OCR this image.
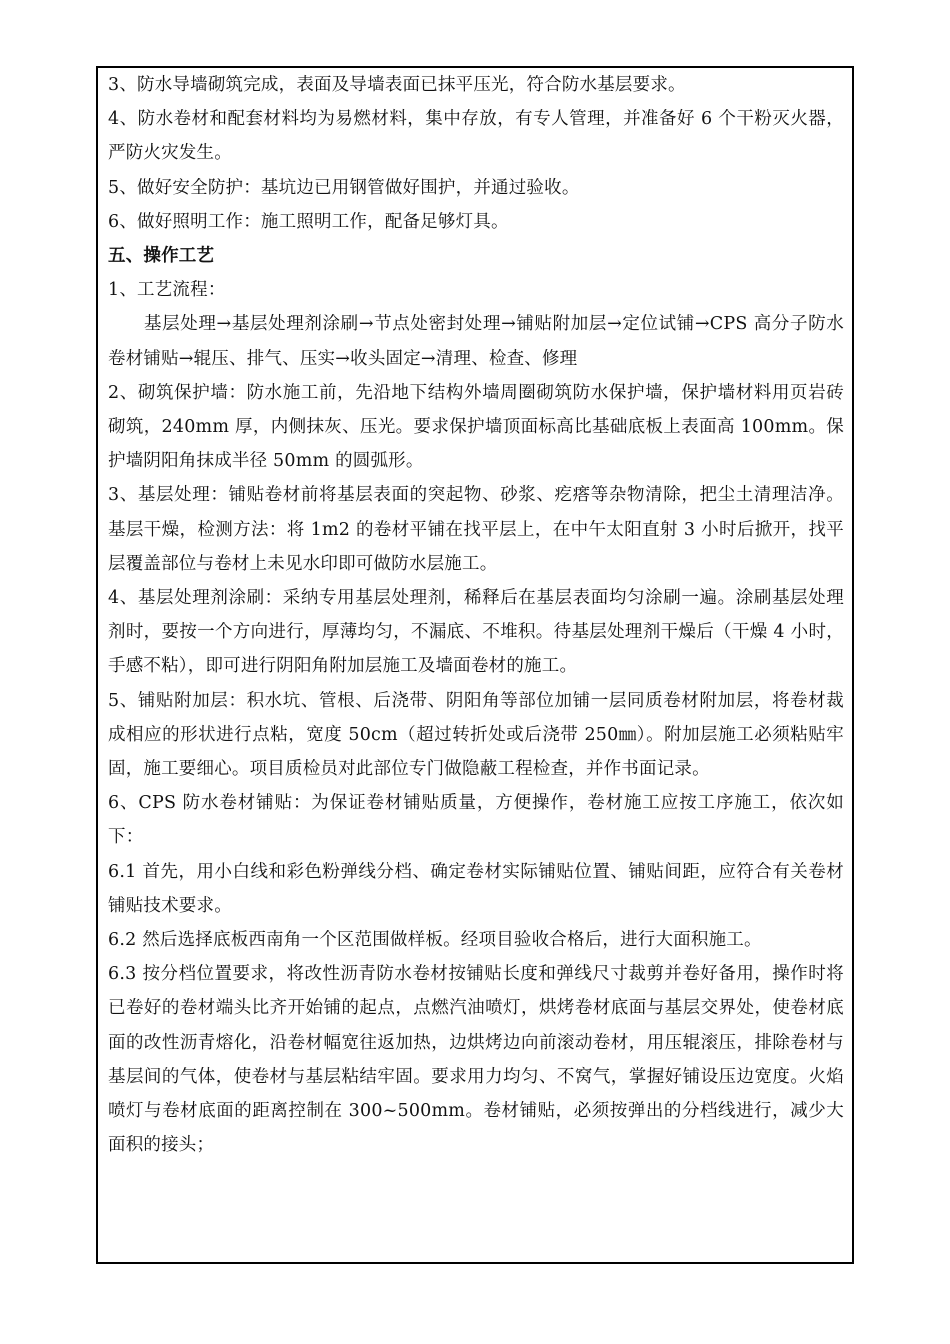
3、防水导墙砌筑完成，表面及导墙表面已抹平压光，符合防水基层要求。

4、防水卷材和配套材料均为易燃材料，集中存放，有专人管理，并准备好 6 个干粉灭火器，严防火灾发生。

5、做好安全防护：基坑边已用钢管做好围护，并通过验收。

6、做好照明工作：施工照明工作，配备足够灯具。

五、操作工艺

1、工艺流程：

基层处理→基层处理剂涂刷→节点处密封处理→铺贴附加层→定位试铺→CPS 高分子防水卷材铺贴→辊压、排气、压实→收头固定→清理、检查、修理

2、砌筑保护墙：防水施工前，先沿地下结构外墙周圈砌筑防水保护墙，保护墙材料用页岩砖砌筑，240mm 厚，内侧抹灰、压光。要求保护墙顶面标高比基础底板上表面高 100mm。保护墙阴阳角抹成半径 50mm 的圆弧形。

3、基层处理：铺贴卷材前将基层表面的突起物、砂浆、疙瘩等杂物清除，把尘土清理洁净。基层干燥，检测方法：将 1m2 的卷材平铺在找平层上，在中午太阳直射 3 小时后掀开，找平层覆盖部位与卷材上未见水印即可做防水层施工。

4、基层处理剂涂刷：采纳专用基层处理剂，稀释后在基层表面均匀涂刷一遍。涂刷基层处理剂时，要按一个方向进行，厚薄均匀，不漏底、不堆积。待基层处理剂干燥后（干燥 4 小时，手感不粘），即可进行阴阳角附加层施工及墙面卷材的施工。

5、铺贴附加层：积水坑、管根、后浇带、阴阳角等部位加铺一层同质卷材附加层，将卷材裁成相应的形状进行点粘，宽度 50cm（超过转折处或后浇带 250㎜）。附加层施工必须粘贴牢固，施工要细心。项目质检员对此部位专门做隐蔽工程检查，并作书面记录。

6、CPS 防水卷材铺贴：为保证卷材铺贴质量，方便操作，卷材施工应按工序施工，依次如下：

6.1 首先，用小白线和彩色粉弹线分档、确定卷材实际铺贴位置、铺贴间距，应符合有关卷材铺贴技术要求。

6.2 然后选择底板西南角一个区范围做样板。经项目验收合格后，进行大面积施工。

6.3 按分档位置要求，将改性沥青防水卷材按铺贴长度和弹线尺寸裁剪并卷好备用，操作时将已卷好的卷材端头比齐开始铺的起点，点燃汽油喷灯，烘烤卷材底面与基层交界处，使卷材底面的改性沥青熔化，沿卷材幅宽往返加热，边烘烤边向前滚动卷材，用压辊滚压，排除卷材与基层间的气体，使卷材与基层粘结牢固。要求用力均匀、不窝气，掌握好铺设压边宽度。火焰喷灯与卷材底面的距离控制在 300~500mm。卷材铺贴，必须按弹出的分档线进行，减少大面积的接头；
